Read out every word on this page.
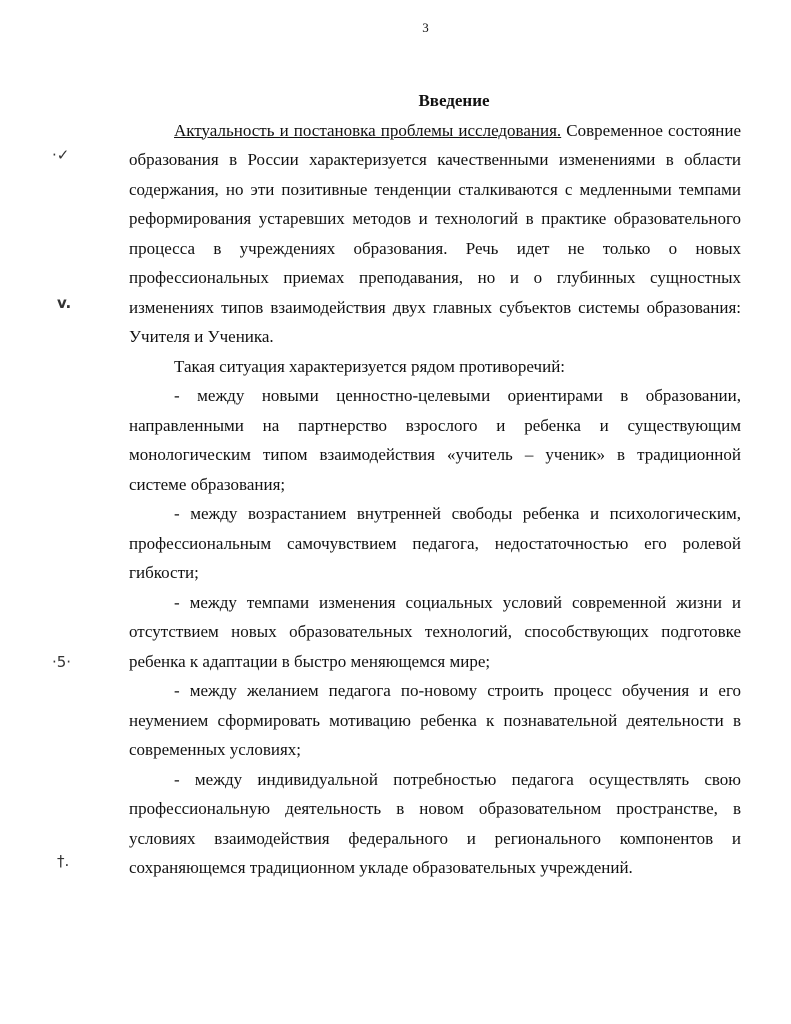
3
·✓
v.
·5·
†.
Введение

Актуальность и постановка проблемы исследования. Современное состояние образования в России характеризуется качественными изменениями в области содержания, но эти позитивные тенденции сталкиваются с медленными темпами реформирования устаревших методов и технологий в практике образовательного процесса в учреждениях образования. Речь идет не только о новых профессиональных приемах преподавания, но и о глубинных сущностных изменениях типов взаимодействия двух главных субъектов системы образования: Учителя и Ученика.

Такая ситуация характеризуется рядом противоречий:

- между новыми ценностно-целевыми ориентирами в образовании, направленными на партнерство взрослого и ребенка и существующим монологическим типом взаимодействия «учитель – ученик» в традиционной системе образования;

- между возрастанием внутренней свободы ребенка и психологическим, профессиональным самочувствием педагога, недостаточностью его ролевой гибкости;

- между темпами изменения социальных условий современной жизни и отсутствием новых образовательных технологий, способствующих подготовке ребенка к адаптации в быстро меняющемся мире;

- между желанием педагога по-новому строить процесс обучения и его неумением сформировать мотивацию ребенка к познавательной деятельности в современных условиях;

- между индивидуальной потребностью педагога осуществлять свою профессиональную деятельность в новом образовательном пространстве, в условиях взаимодействия федерального и регионального компонентов и сохраняющемся традиционном укладе образовательных учреждений.
